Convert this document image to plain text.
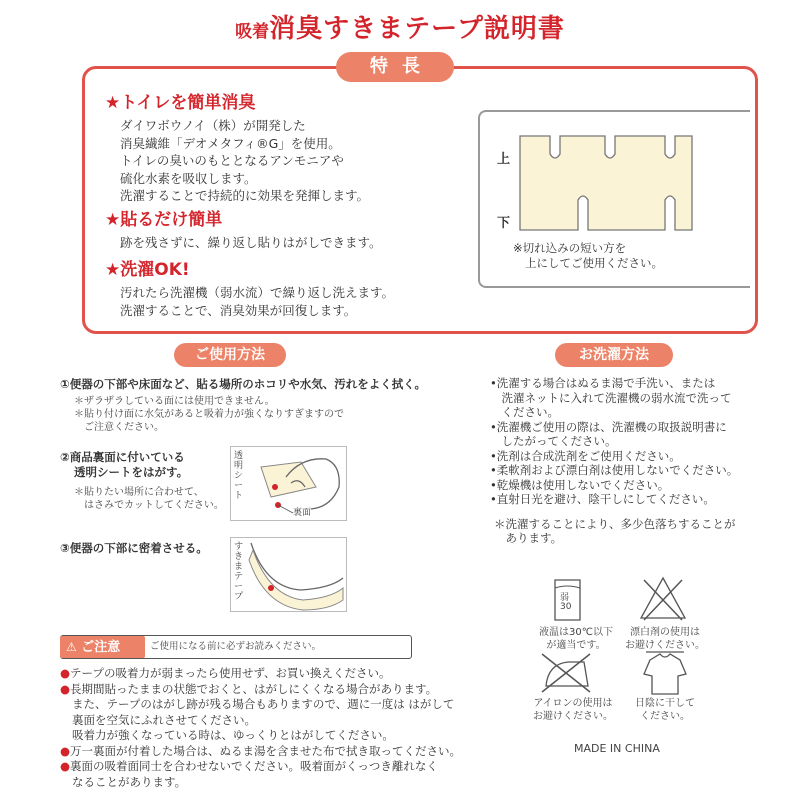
吸着消臭すきまテープ説明書
特長
★トイレを簡単消臭
ダイワボウノイ（株）が開発した
消臭繊維「デオメタフィ®G」を使用。
トイレの臭いのもととなるアンモニアや
硫化水素を吸収します。
洗濯することで持続的に効果を発揮します。
★貼るだけ簡単
跡を残さずに、繰り返し貼りはがしできます。
★洗濯OK!
汚れたら洗濯機（弱水流）で繰り返し洗えます。
洗濯することで、消臭効果が回復します。
上
下
※切れ込みの短い方を
上にしてご使用ください。
ご使用方法
①便器の下部や床面など、貼る場所のホコリや水気、汚れをよく拭く。
＊ザラザラしている面には使用できません。
＊貼り付け面に水気があると吸着力が強くなりすぎますので
　ご注意ください。
②商品裏面に付いている
透明シートをはがす。
＊貼りたい場所に合わせて、
　はさみでカットしてください。
透明シート
裏面
③便器の下部に密着させる。	すきまテープ
お洗濯方法
•洗濯する場合はぬるま湯で手洗い、または
　洗濯ネットに入れて洗濯機の弱水流で洗って
　ください。
•洗濯機ご使用の際は、洗濯機の取扱説明書に
　したがってください。
•洗剤は合成洗剤をご使用ください。
•柔軟剤および漂白剤は使用しないでください。
•乾燥機は使用しないでください。
•直射日光を避け、陰干しにしてください。
＊洗濯することにより、多少色落ちすることが
　あります。
弱
30
液温は30℃以下
が適当です。
漂白剤の使用は
お避けください。
アイロンの使用は
お避けください。
日陰に干して
ください。
MADE IN CHINA
⚠ ご注意	ご使用になる前に必ずお読みください。
●テープの吸着力が弱まったら使用せず、お買い換えください。
●長期間貼ったままの状態でおくと、はがしにくくなる場合があります。
また、テープのはがし跡が残る場合もありますので、週に一度は はがして
裏面を空気にふれさせてください。
吸着力が強くなっている時は、ゆっくりとはがしてください。
●万一裏面が付着した場合は、ぬるま湯を含ませた布で拭き取ってください。
●裏面の吸着面同士を合わせないでください。吸着面がくっつき離れなく
なることがあります。
